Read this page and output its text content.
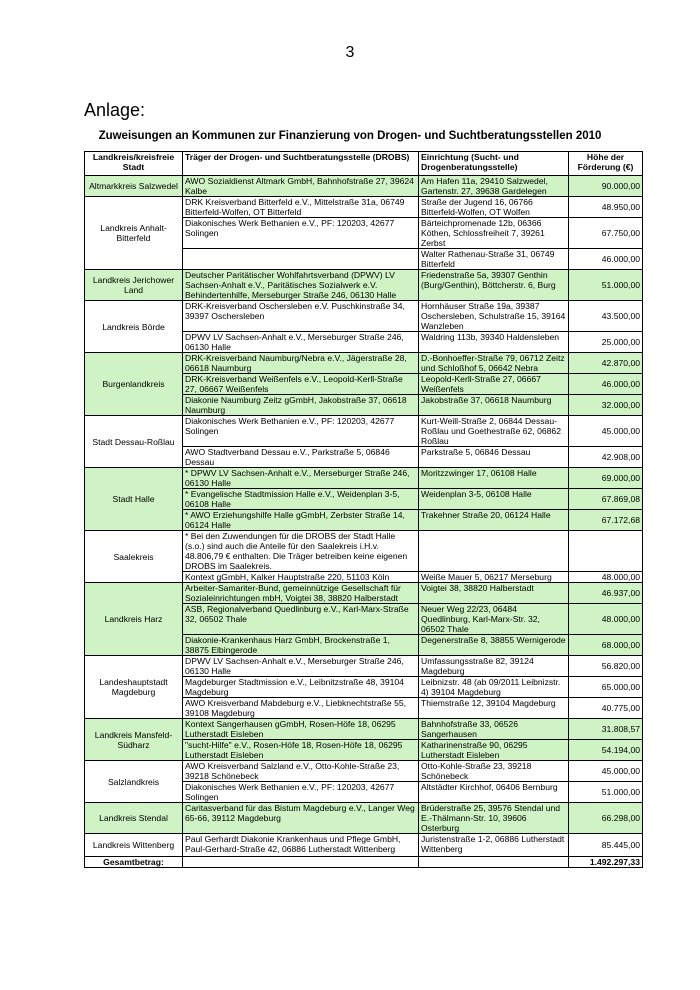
3
Anlage:
Zuweisungen an Kommunen zur Finanzierung von Drogen- und Suchtberatungsstellen 2010
Landkreis/kreisfreie Stadt	Träger der Drogen- und Suchtberatungsstelle (DROBS)	Einrichtung (Sucht- und Drogenberatungsstelle)	Höhe der Förderung (€)
Altmarkkreis Salzwedel	AWO Sozialdienst Altmark GmbH, Bahnhofstraße 27, 39624 Kalbe	Am Hafen 11a, 29410 Salzwedel, Gartenstr. 27, 39638 Gardelegen	90.000,00
Landkreis Anhalt-Bitterfeld	DRK Kreisverband Bitterfeld e.V., Mittelstraße 31a, 06749 Bitterfeld-Wolfen, OT Bitterfeld	Straße der Jugend 16, 06766 Bitterfeld-Wolfen, OT Wolfen	48.950,00
	Diakonisches Werk Bethanien e.V., PF: 120203, 42677 Solingen	Bärteichpromenade 12b, 06366 Köthen, Schlossfreiheit 7, 39261 Zerbst	67.750,00
		Walter Rathenau-Straße 31, 06749 Bitterfeld	46.000,00
Landkreis Jerichower Land	Deutscher Paritätischer Wohlfahrtsverband (DPWV) LV Sachsen-Anhalt e.V., Paritätisches Sozialwerk e.V. Behindertenhilfe, Merseburger Straße 246, 06130 Halle	Friedenstraße 5a, 39307 Genthin (Burg/Genthin), Böttcherstr. 6, Burg	51.000,00
Landkreis Börde	DRK-Kreisverband Oschersleben e.V. Puschkinstraße 34, 39397 Oschersleben	Hornhäuser Straße 19a, 39387 Oschersleben, Schulstraße 15, 39164 Wanzleben	43.500,00
	DPWV LV Sachsen-Anhalt e.V., Merseburger Straße 246, 06130 Halle	Waldring 113b, 39340 Haldensleben	25.000,00
Burgenlandkreis	DRK-Kreisverband Naumburg/Nebra e.V., Jägerstraße 28, 06618 Naumburg	D.-Bonhoeffer-Straße 79, 06712 Zeitz und Schloßhof 5, 06642 Nebra	42.870,00
	DRK-Kreisverband Weißenfels e.V., Leopold-Kerll-Straße 27, 06667 Weißenfels	Leopold-Kerll-Straße 27, 06667 Weißenfels	46.000,00
	Diakonie Naumburg Zeitz gGmbH, Jakobstraße 37, 06618 Naumburg	Jakobstraße 37, 06618 Naumburg	32.000,00
Stadt Dessau-Roßlau	Diakonisches Werk Bethanien e.V., PF: 120203, 42677 Solingen	Kurt-Weill-Straße 2, 06844 Dessau-Roßlau und Goethestraße 62, 06862 Roßlau	45.000,00
	AWO Stadtverband Dessau e.V., Parkstraße 5, 06846 Dessau	Parkstraße 5, 06846 Dessau	42.908,00
Stadt Halle	* DPWV LV Sachsen-Anhalt e.V., Merseburger Straße 246, 06130 Halle	Moritzzwinger 17, 06108 Halle	69.000,00
	* Evangelische Stadtmission Halle e.V., Weidenplan 3-5, 06108 Halle	Weidenplan 3-5, 06108 Halle	67.869,08
	* AWO Erziehungshilfe Halle gGmbH, Zerbster Straße 14, 06124 Halle	Trakehner Straße 20, 06124 Halle	67.172,68
Saalekreis	* Bei den Zuwendungen für die DROBS der Stadt Halle (s.o.) sind auch die Anteile für den Saalekreis i.H.v. 48.806,79 € enthalten. Die Träger betreiben keine eigenen DROBS im Saalekreis.		
	Kontext gGmbH, Kalker Hauptstraße 220, 51103 Köln	Weiße Mauer 5, 06217 Merseburg	48.000,00
Landkreis Harz	Arbeiter-Samariter-Bund, gemeinnützige Gesellschaft für Sozialeinrichtungen mbH, Voigtei 38, 38820 Halberstadt	Voigtei 38, 38820 Halberstadt	46.937,00
	ASB, Regionalverband Quedlinburg e.V., Karl-Marx-Straße 32, 06502 Thale	Neuer Weg 22/23, 06484 Quedlinburg, Karl-Marx-Str. 32, 06502 Thale	48.000,00
	Diakonie-Krankenhaus Harz GmbH, Brockenstraße 1, 38875 Elbingerode	Degenerstraße 8, 38855 Wernigerode	68.000,00
Landeshauptstadt Magdeburg	DPWV LV Sachsen-Anhalt e.V., Merseburger Straße 246, 06130 Halle	Umfassungsstraße 82, 39124 Magdeburg	56.820,00
	Magdeburger Stadtmission e.V., Leibnitzstraße 48, 39104 Magdeburg	Leibnizstr. 48 (ab 09/2011 Leibnizstr. 4) 39104 Magdeburg	65.000,00
	AWO Kreisverband Mabdeburg e.V., Liebknechtstraße 55, 39108 Magdeburg	Thiemstraße 12, 39104 Magdeburg	40.775,00
Landkreis Mansfeld-Südharz	Kontext Sangerhausen gGmbH, Rosen-Höfe 18, 06295 Lutherstadt Eisleben	Bahnhofstraße 33, 06526 Sangerhausen	31.808,57
	"sucht-Hilfe" e.V., Rosen-Höfe 18, Rosen-Höfe 18, 06295 Lutherstadt Eisleben	Katharinenstraße 90, 06295 Lutherstadt Eisleben	54.194,00
Salzlandkreis	AWO Kreisverband Salzland e.V., Otto-Kohle-Straße 23, 39218 Schönebeck	Otto-Kohle-Straße 23, 39218 Schönebeck	45.000,00
	Diakonisches Werk Bethanien e.V., PF: 120203, 42677 Solingen	Altstädter Kirchhof, 06406 Bernburg	51.000,00
Landkreis Stendal	Caritasverband für das Bistum Magdeburg e.V., Langer Weg 65-66, 39112 Magdeburg	Brüderstraße 25, 39576 Stendal und E.-Thälmann-Str. 10, 39606 Osterburg	66.298,00
Landkreis Wittenberg	Paul Gerhardt Diakonie Krankenhaus und Pflege GmbH, Paul-Gerhard-Straße 42, 06886 Lutherstadt Wittenberg	Juristenstraße 1-2, 06886 Lutherstadt Wittenberg	85.445,00
Gesamtbetrag:			1.492.297,33
